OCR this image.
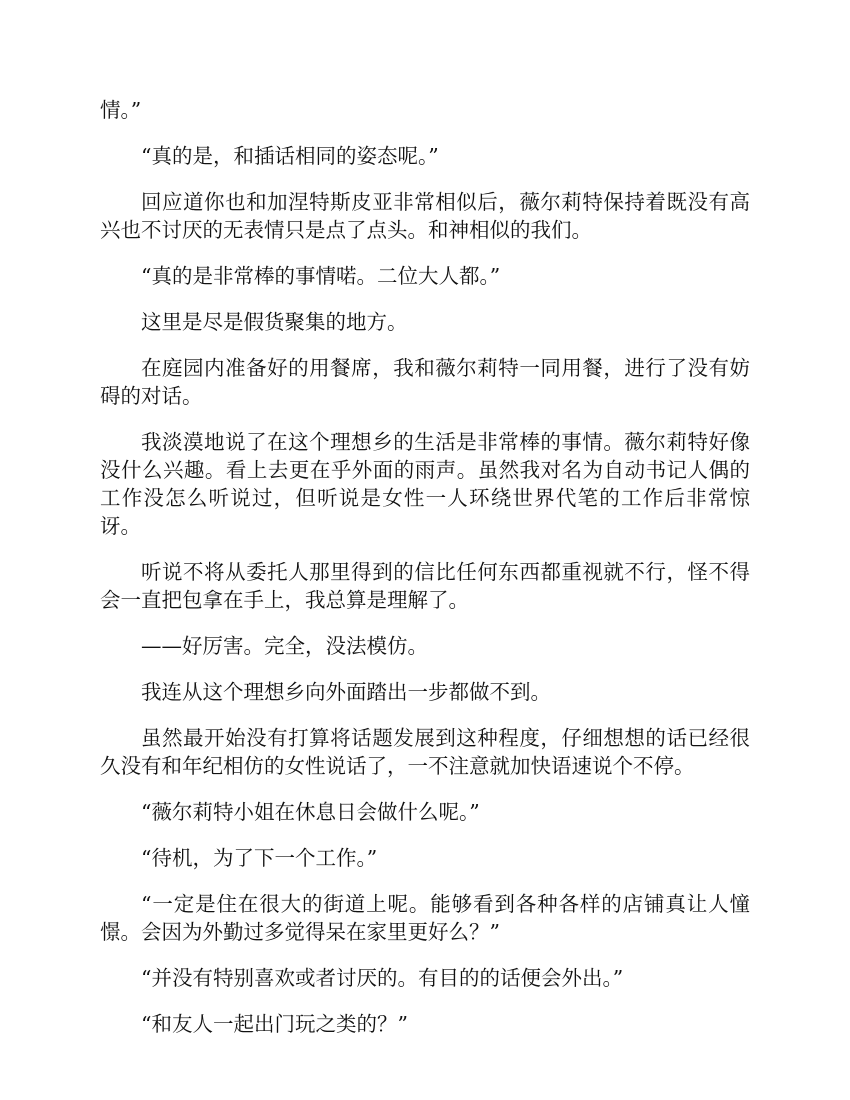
情。”

“真的是，和插话相同的姿态呢。”

回应道你也和加涅特斯皮亚非常相似后，薇尔莉特保持着既没有高兴也不讨厌的无表情只是点了点头。和神相似的我们。

“真的是非常棒的事情喏。二位大人都。”

这里是尽是假货聚集的地方。

在庭园内准备好的用餐席，我和薇尔莉特一同用餐，进行了没有妨碍的对话。

我淡漠地说了在这个理想乡的生活是非常棒的事情。薇尔莉特好像没什么兴趣。看上去更在乎外面的雨声。虽然我对名为自动书记人偶的工作没怎么听说过，但听说是女性一人环绕世界代笔的工作后非常惊讶。

听说不将从委托人那里得到的信比任何东西都重视就不行，怪不得会一直把包拿在手上，我总算是理解了。

——好厉害。完全，没法模仿。

我连从这个理想乡向外面踏出一步都做不到。

虽然最开始没有打算将话题发展到这种程度，仔细想想的话已经很久没有和年纪相仿的女性说话了，一不注意就加快语速说个不停。

“薇尔莉特小姐在休息日会做什么呢。”

“待机，为了下一个工作。”

“一定是住在很大的街道上呢。能够看到各种各样的店铺真让人憧憬。会因为外勤过多觉得呆在家里更好么？”

“并没有特别喜欢或者讨厌的。有目的的话便会外出。”

“和友人一起出门玩之类的？”
